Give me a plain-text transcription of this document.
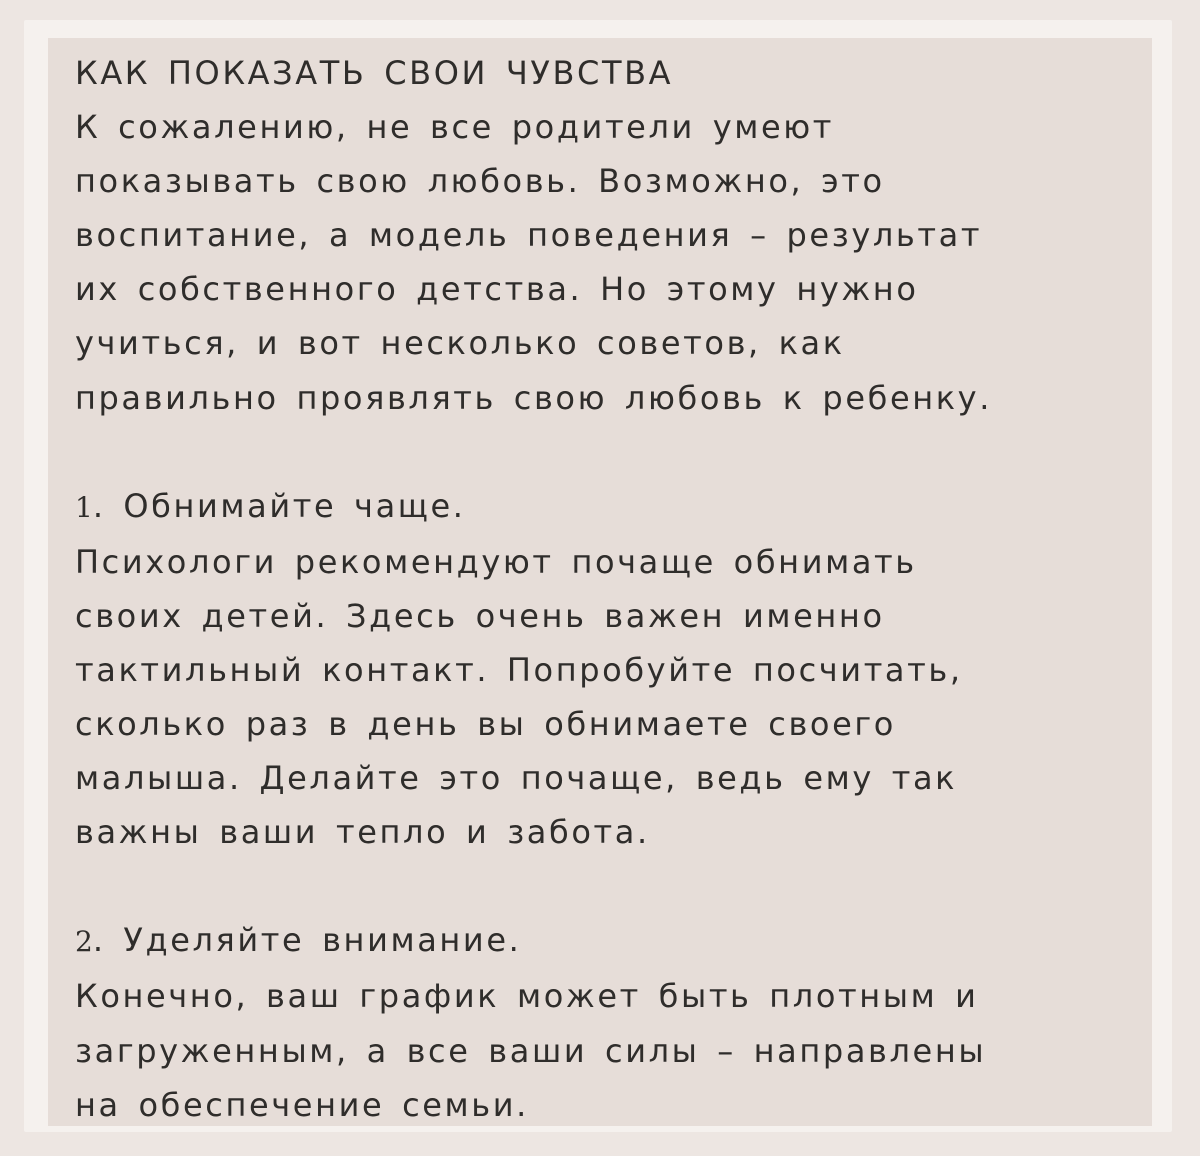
КАК ПОКАЗАТЬ СВОИ ЧУВСТВА

К сожалению, не все родители умеют

показывать свою любовь. Возможно, это

воспитание, а модель поведения – результат

их собственного детства. Но этому нужно

учиться, и вот несколько советов, как

правильно проявлять свою любовь к ребенку.

1. Обнимайте чаще.

Психологи рекомендуют почаще обнимать

своих детей. Здесь очень важен именно

тактильный контакт. Попробуйте посчитать,

сколько раз в день вы обнимаете своего

малыша. Делайте это почаще, ведь ему так

важны ваши тепло и забота.

2. Уделяйте внимание.

Конечно, ваш график может быть плотным и

загруженным, а все ваши силы – направлены

на обеспечение семьи.
